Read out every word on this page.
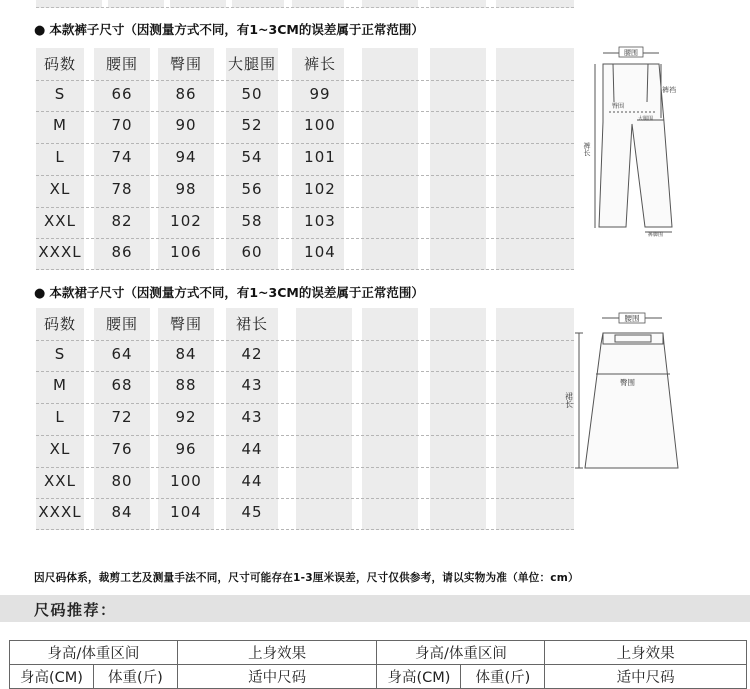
● 本款裤子尺寸（因测量方式不同，有1~3CM的误差属于正常范围）
码数	腰围	臀围	大腿围	裤长
S	66	86	50	99
M	70	90	52	100
L	74	94	54	101
XL	78	98	56	102
XXL	82	102	58	103
XXXL	86	106	60	104
腰围
裤裆
臀围
大腿围
裤长
裤脚围
● 本款裙子尺寸（因测量方式不同，有1~3CM的误差属于正常范围）
码数	腰围	臀围	裙长
S	64	84	42
M	68	88	43
L	72	92	43
XL	76	96	44
XXL	80	100	44
XXXL	84	104	45
腰围
臀围
裙长
因尺码体系，裁剪工艺及测量手法不同，尺寸可能存在1-3厘米误差，尺寸仅供参考，请以实物为准（单位：cm）
尺码推荐：
身高/体重区间		上身效果	身高/体重区间		上身效果
身高(CM)	体重(斤)	适中尺码	身高(CM)	体重(斤)	适中尺码
